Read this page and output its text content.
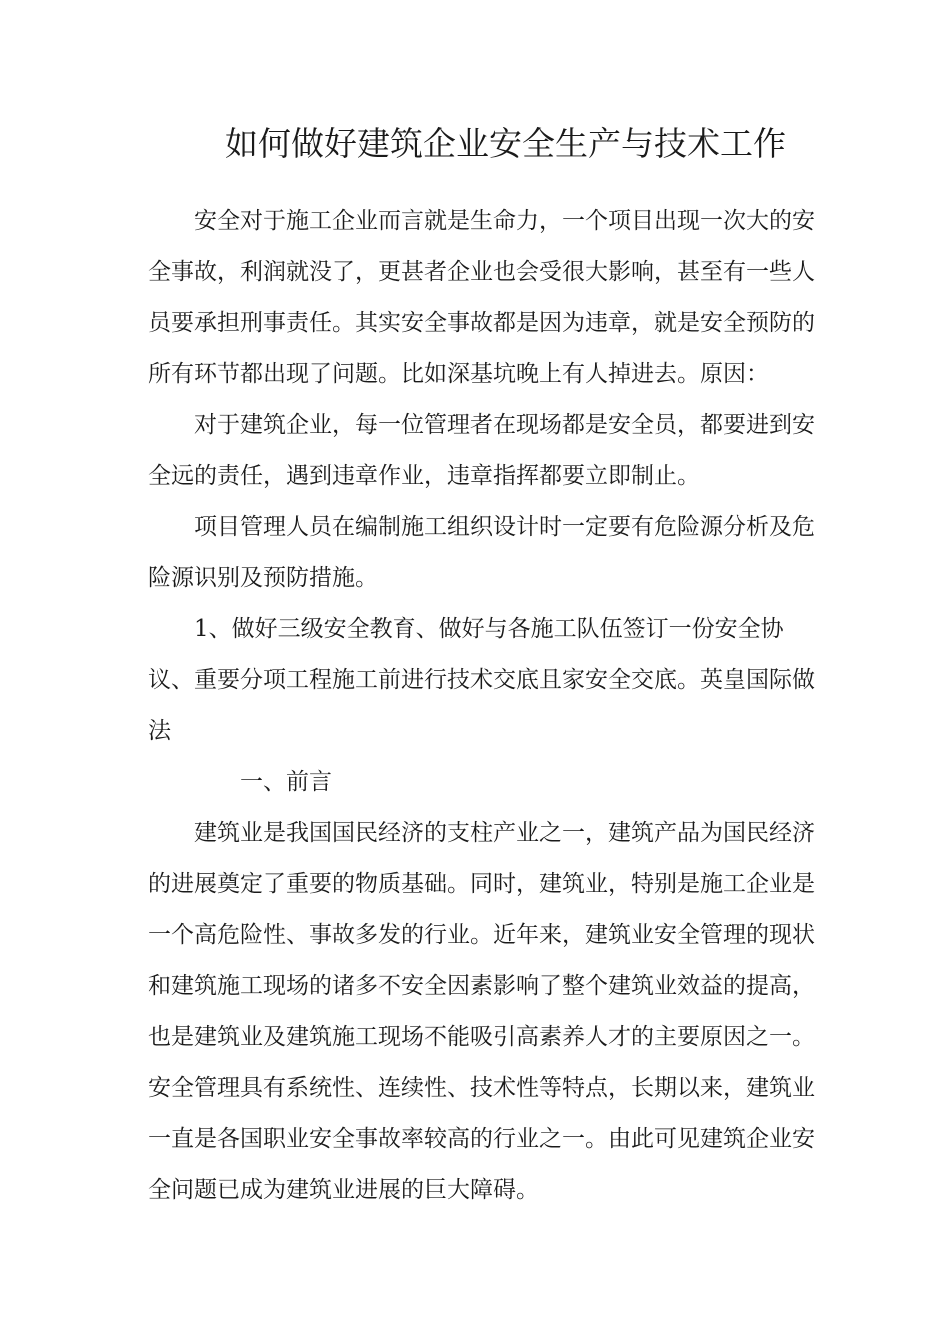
如何做好建筑企业安全生产与技术工作

安全对于施工企业而言就是生命力，一个项目出现一次大的安
全事故，利润就没了，更甚者企业也会受很大影响，甚至有一些人
员要承担刑事责任。其实安全事故都是因为违章，就是安全预防的
所有环节都出现了问题。比如深基坑晚上有人掉进去。原因：

对于建筑企业，每一位管理者在现场都是安全员，都要进到安
全远的责任，遇到违章作业，违章指挥都要立即制止。

项目管理人员在编制施工组织设计时一定要有危险源分析及危
险源识别及预防措施。

1、做好三级安全教育、做好与各施工队伍签订一份安全协
议、重要分项工程施工前进行技术交底且家安全交底。英皇国际做
法

一、前言

建筑业是我国国民经济的支柱产业之一，建筑产品为国民经济
的进展奠定了重要的物质基础。同时，建筑业，特别是施工企业是
一个高危险性、事故多发的行业。近年来，建筑业安全管理的现状
和建筑施工现场的诸多不安全因素影响了整个建筑业效益的提高，
也是建筑业及建筑施工现场不能吸引高素养人才的主要原因之一。
安全管理具有系统性、连续性、技术性等特点，长期以来，建筑业
一直是各国职业安全事故率较高的行业之一。由此可见建筑企业安
全问题已成为建筑业进展的巨大障碍。
